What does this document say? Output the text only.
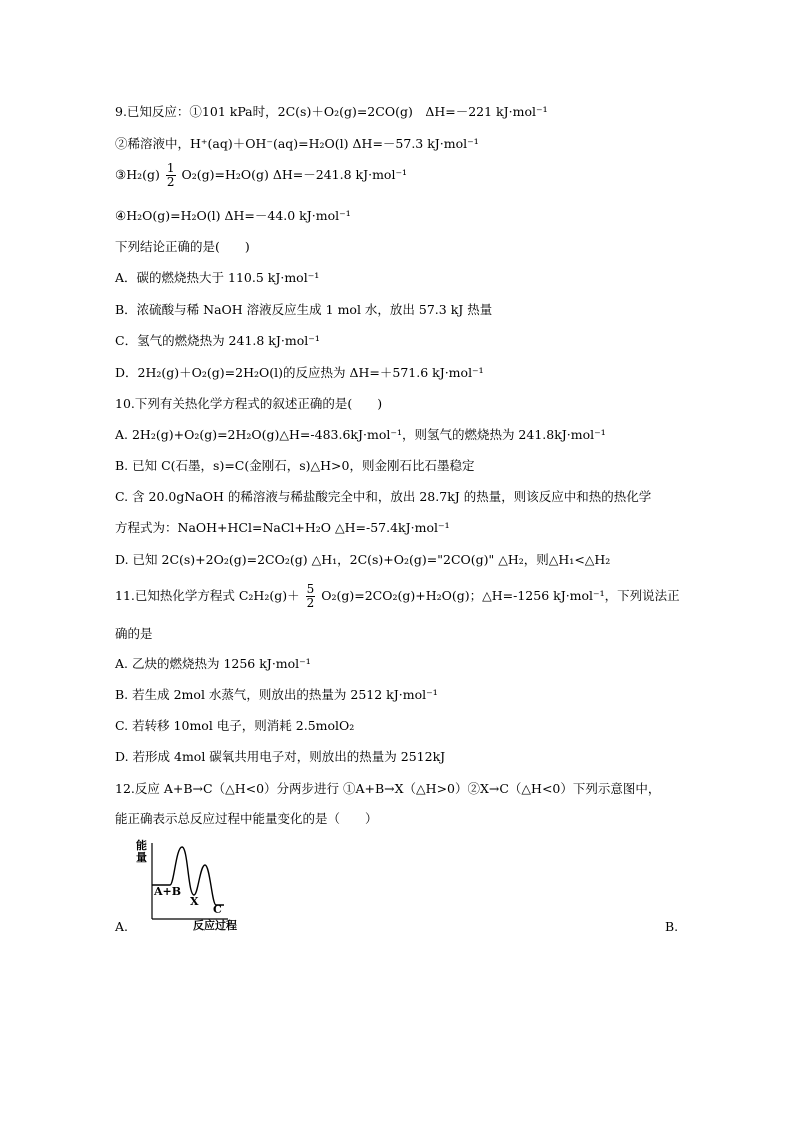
9.已知反应：①101 kPa时，2C(s)＋O₂(g)=2CO(g)　ΔH=－221 kJ·mol⁻¹
②稀溶液中，H⁺(aq)＋OH⁻(aq)=H₂O(l) ΔH=－57.3 kJ·mol⁻¹
③H₂(g) $\frac{1}{2} O_2(g)=H_2O(g)$ ΔH=－241.8 kJ·mol⁻¹
④H₂O(g)=H₂O(l) ΔH=－44.0 kJ·mol⁻¹
下列结论正确的是(　　)
A．碳的燃烧热大于 110.5 kJ·mol⁻¹
B．浓硫酸与稀 NaOH 溶液反应生成 1 mol 水，放出 57.3 kJ 热量
C．氢气的燃烧热为 241.8 kJ·mol⁻¹
D．2H₂(g)＋O₂(g)=2H₂O(l)的反应热为 ΔH=＋571.6 kJ·mol⁻¹
10.下列有关热化学方程式的叙述正确的是(　　)
A. 2H₂(g)+O₂(g)=2H₂O(g)△H=-483.6kJ·mol⁻¹，则氢气的燃烧热为 241.8kJ·mol⁻¹
B. 已知 C(石墨，s)=C(金刚石，s)△H>0，则金刚石比石墨稳定
C. 含 20.0gNaOH 的稀溶液与稀盐酸完全中和，放出 28.7kJ 的热量，则该反应中和热的热化学
方程式为：NaOH+HCl=NaCl+H₂O △H=-57.4kJ·mol⁻¹
D. 已知 2C(s)+2O₂(g)=2CO₂(g) △H₁，2C(s)+O₂(g)="2CO(g)" △H₂，则△H₁<△H₂
11.已知热化学方程式 $C_2H_2(g)+ \frac{5}{2} O_2(g)=2CO_2(g)+H_2O(g)$；△H=-1256 kJ·mol⁻¹，下列说法正
确的是
A. 乙炔的燃烧热为 1256 kJ·mol⁻¹
B. 若生成 2mol 水蒸气，则放出的热量为 2512 kJ·mol⁻¹
C. 若转移 10mol 电子，则消耗 2.5molO₂
D. 若形成 4mol 碳氧共用电子对，则放出的热量为 2512kJ
12.反应 A+B→C（△H<0）分两步进行 ①A+B→X（△H>0）②X→C（△H<0）下列示意图中，
能正确表示总反应过程中能量变化的是（　　）
能
量
A+B
X
C
反应过程
A.	B.
